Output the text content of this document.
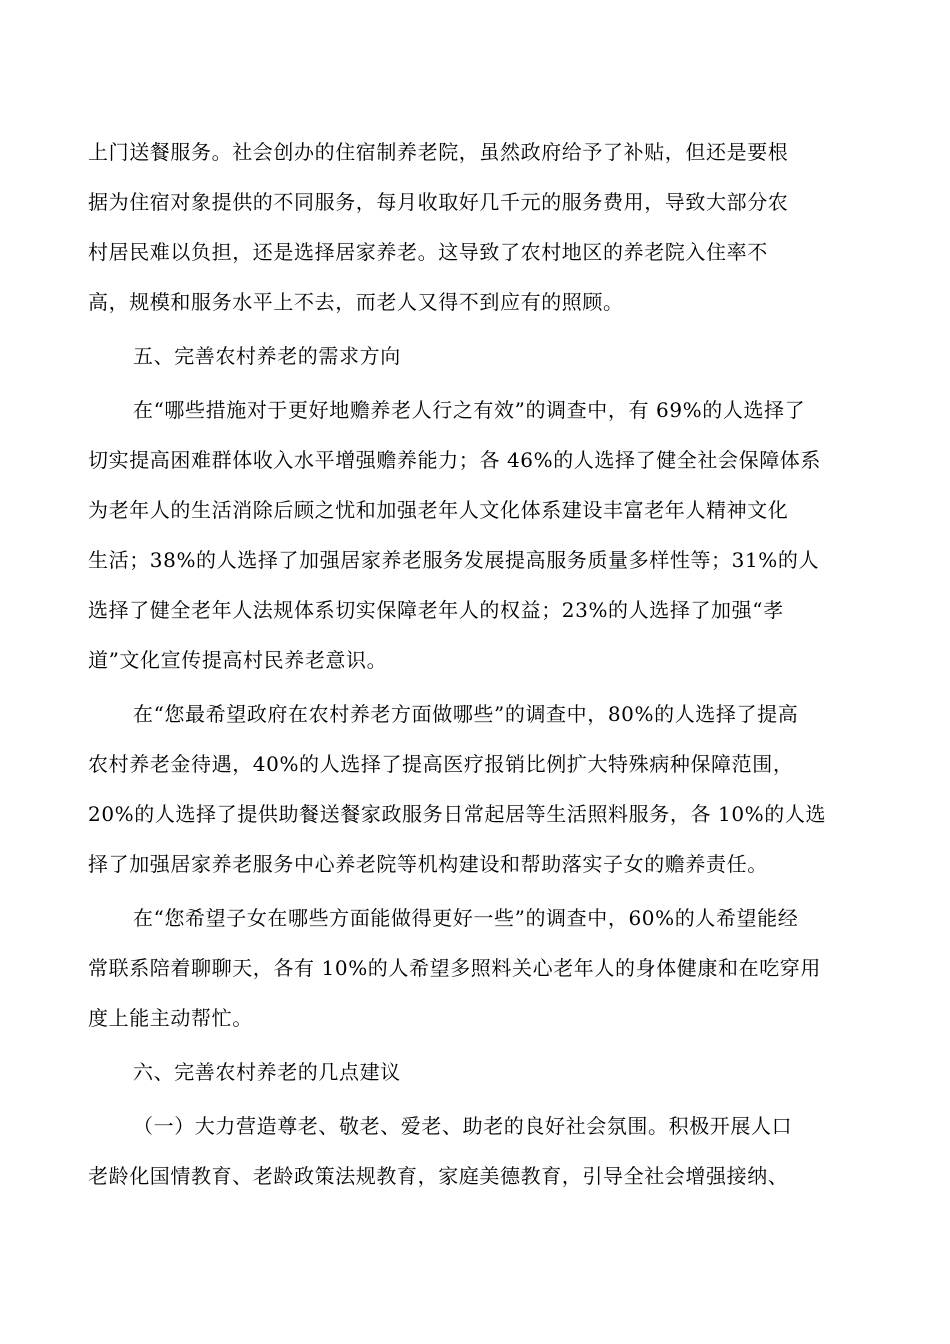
上门送餐服务。社会创办的住宿制养老院，虽然政府给予了补贴，但还是要根

据为住宿对象提供的不同服务，每月收取好几千元的服务费用，导致大部分农

村居民难以负担，还是选择居家养老。这导致了农村地区的养老院入住率不

高，规模和服务水平上不去，而老人又得不到应有的照顾。

五、完善农村养老的需求方向

在“哪些措施对于更好地赡养老人行之有效”的调查中，有 69%的人选择了

切实提高困难群体收入水平增强赡养能力；各 46%的人选择了健全社会保障体系

为老年人的生活消除后顾之忧和加强老年人文化体系建设丰富老年人精神文化

生活；38%的人选择了加强居家养老服务发展提高服务质量多样性等；31%的人

选择了健全老年人法规体系切实保障老年人的权益；23%的人选择了加强“孝

道”文化宣传提高村民养老意识。

在“您最希望政府在农村养老方面做哪些”的调查中，80%的人选择了提高

农村养老金待遇，40%的人选择了提高医疗报销比例扩大特殊病种保障范围，

20%的人选择了提供助餐送餐家政服务日常起居等生活照料服务，各 10%的人选

择了加强居家养老服务中心养老院等机构建设和帮助落实子女的赡养责任。

在“您希望子女在哪些方面能做得更好一些”的调查中，60%的人希望能经

常联系陪着聊聊天，各有 10%的人希望多照料关心老年人的身体健康和在吃穿用

度上能主动帮忙。

六、完善农村养老的几点建议

（一）大力营造尊老、敬老、爱老、助老的良好社会氛围。积极开展人口

老龄化国情教育、老龄政策法规教育，家庭美德教育，引导全社会增强接纳、
